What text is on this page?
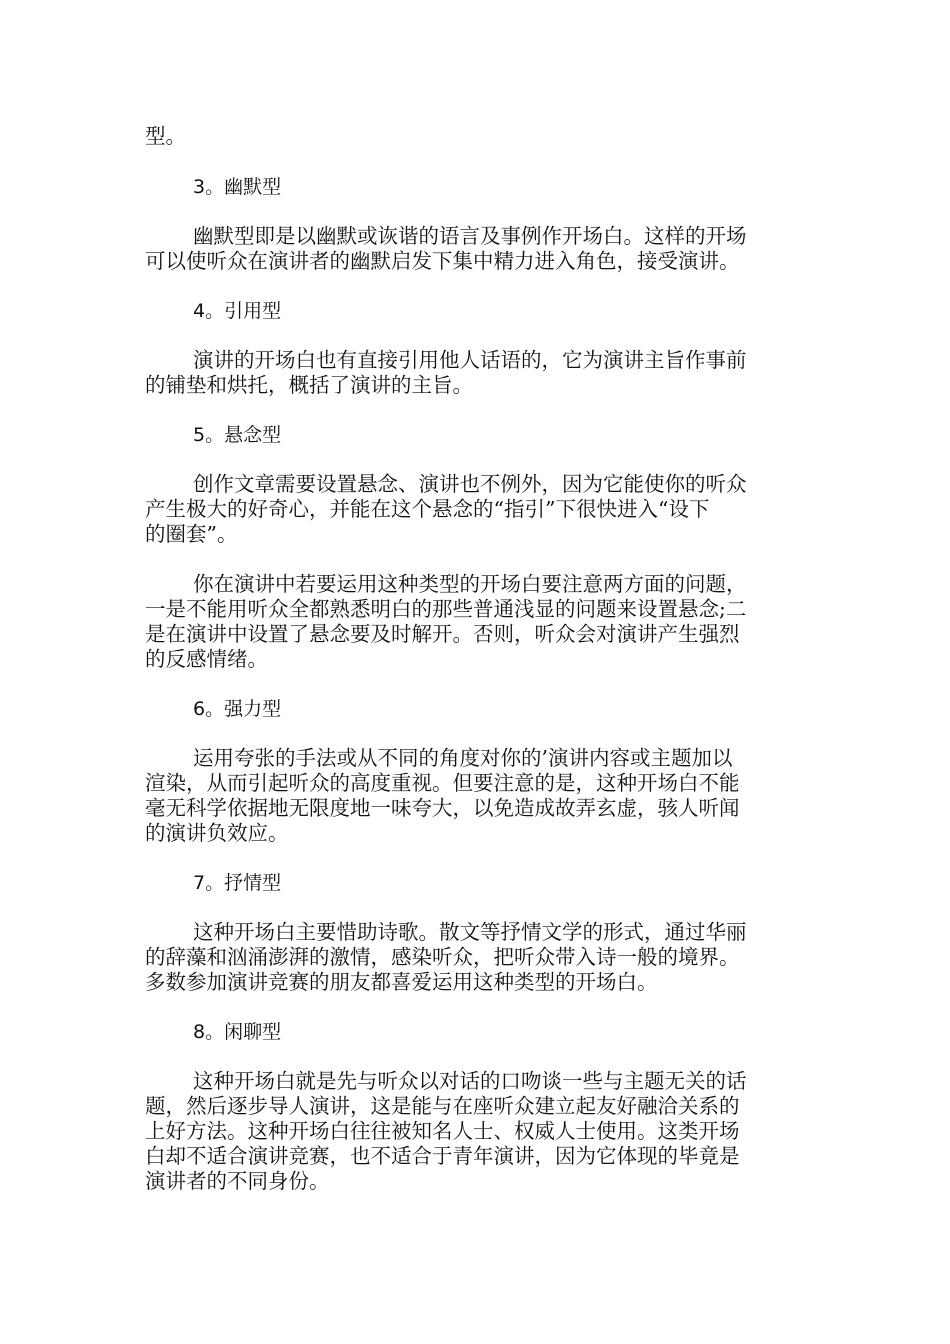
型。

3。幽默型

幽默型即是以幽默或诙谐的语言及事例作开场白。这样的开场
可以使听众在演讲者的幽默启发下集中精力进入角色，接受演讲。

4。引用型

演讲的开场白也有直接引用他人话语的，它为演讲主旨作事前
的铺垫和烘托，概括了演讲的主旨。

5。悬念型

创作文章需要设置悬念、演讲也不例外，因为它能使你的听众
产生极大的好奇心，并能在这个悬念的“指引”下很快进入“设下
的圈套”。

你在演讲中若要运用这种类型的开场白要注意两方面的问题，
一是不能用听众全都熟悉明白的那些普通浅显的问题来设置悬念;二
是在演讲中设置了悬念要及时解开。否则，听众会对演讲产生强烈
的反感情绪。

6。强力型

运用夸张的手法或从不同的角度对你的’演讲内容或主题加以
渲染，从而引起听众的高度重视。但要注意的是，这种开场白不能
毫无科学依据地无限度地一味夸大，以免造成故弄玄虚，骇人听闻
的演讲负效应。

7。抒情型

这种开场白主要惜助诗歌。散文等抒情文学的形式，通过华丽
的辞藻和汹涌澎湃的激情，感染听众，把听众带入诗一般的境界。
多数参加演讲竞赛的朋友都喜爱运用这种类型的开场白。

8。闲聊型

这种开场白就是先与听众以对话的口吻谈一些与主题无关的话
题，然后逐步导人演讲，这是能与在座听众建立起友好融洽关系的
上好方法。这种开场白往往被知名人士、权威人士使用。这类开场
白却不适合演讲竞赛，也不适合于青年演讲，因为它体现的毕竟是
演讲者的不同身份。
